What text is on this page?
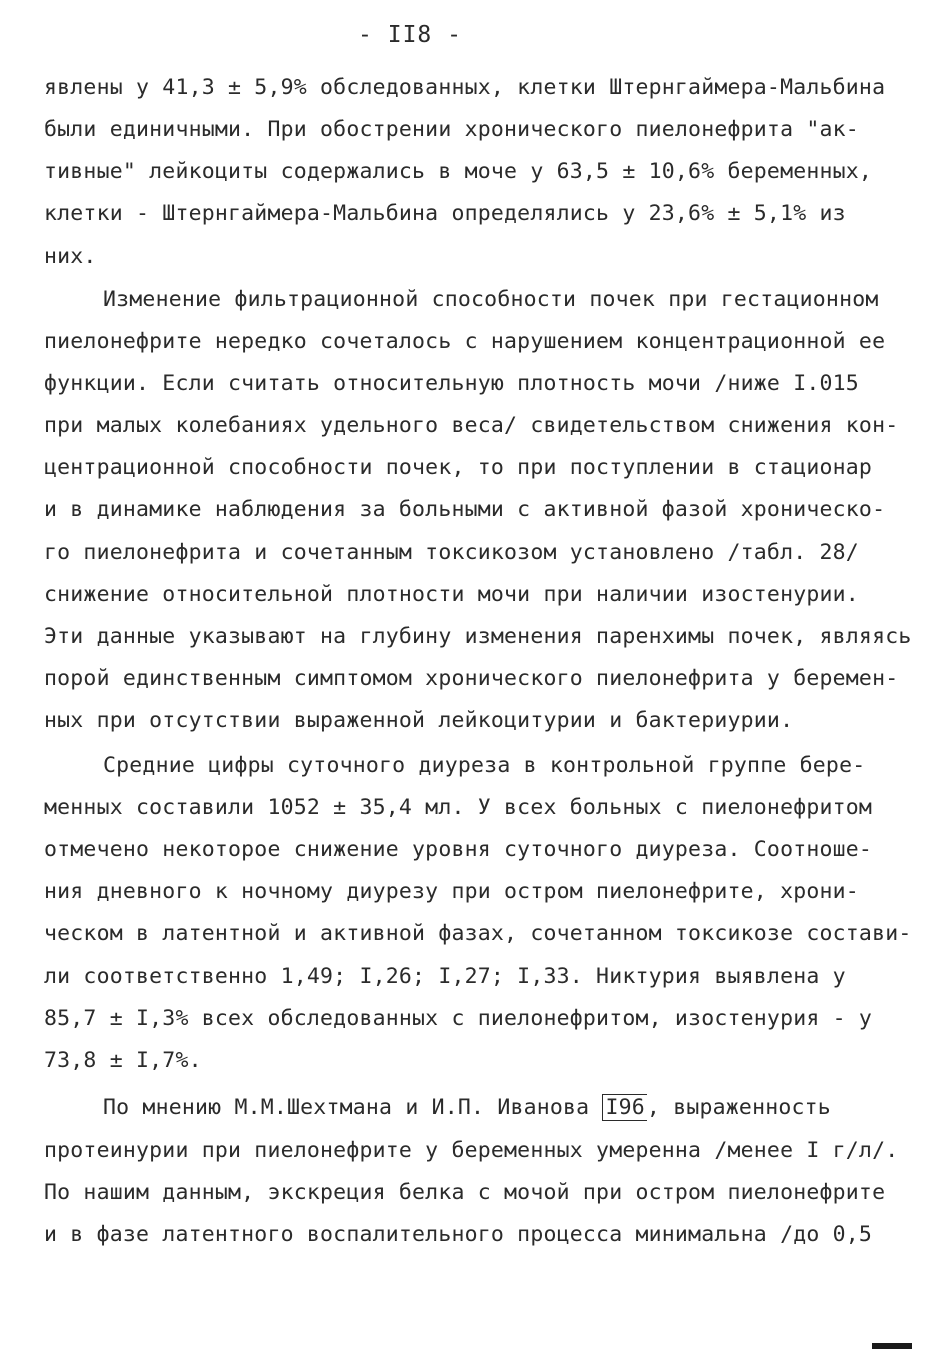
- II8 -
явлены у 41,3 ± 5,9% обследованных, клетки Штернгаймера-Мальбина
были единичными. При обострении хронического пиелонефрита "ак-
тивные" лейкоциты содержались в моче у 63,5 ± 10,6% беременных,
клетки - Штернгаймера-Мальбина определялись у 23,6% ± 5,1% из
них.
Изменение фильтрационной способности почек при гестационном
пиелонефрите нередко сочеталось с нарушением концентрационной ее
функции. Если считать относительную плотность мочи /ниже I.015
при малых колебаниях удельного веса/ свидетельством снижения кон-
центрационной способности почек, то при поступлении в стационар
и в динамике наблюдения за больными с активной фазой хроническо-
го пиелонефрита и сочетанным токсикозом установлено /табл. 28/
снижение относительной плотности мочи при наличии изостенурии.
Эти данные указывают на глубину изменения паренхимы почек, являясь
порой единственным симптомом хронического пиелонефрита у беремен-
ных при отсутствии выраженной лейкоцитурии и бактериурии.
Средние цифры суточного диуреза в контрольной группе бере-
менных составили 1052 ± 35,4 мл. У всех больных с пиелонефритом
отмечено некоторое снижение уровня суточного диуреза. Соотноше-
ния дневного к ночному диурезу при остром пиелонефрите, хрони-
ческом в латентной и активной фазах, сочетанном токсикозе состави-
ли соответственно 1,49; I,26; I,27; I,33. Никтурия выявлена у
85,7 ± I,3% всех обследованных с пиелонефритом, изостенурия - у
73,8 ± I,7%.
По мнению М.М.Шехтмана и И.П. Иванова I96, выраженность
протеинурии при пиелонефрите у беременных умеренна /менее I г/л/.
По нашим данным, экскреция белка с мочой при остром пиелонефрите
и в фазе латентного воспалительного процесса минимальна /до 0,5
